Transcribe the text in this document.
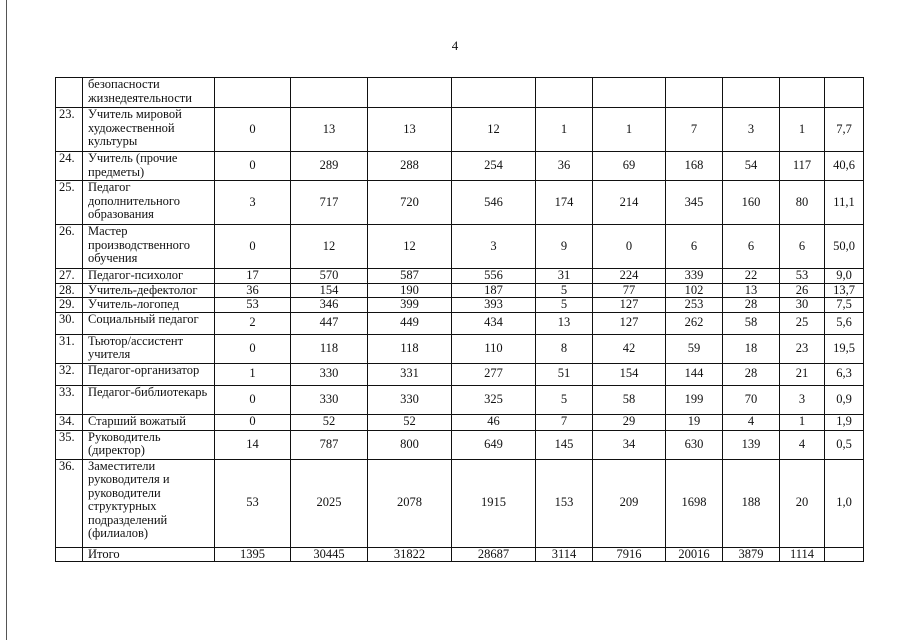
4
	безопасности жизнедеятельности										
23.	Учитель мировой художественной культуры	0	13	13	12	1	1	7	3	1	7,7
24.	Учитель (прочие предметы)	0	289	288	254	36	69	168	54	117	40,6
25.	Педагог дополнительного образования	3	717	720	546	174	214	345	160	80	11,1
26.	Мастер производственного обучения	0	12	12	3	9	0	6	6	6	50,0
27.	Педагог-психолог	17	570	587	556	31	224	339	22	53	9,0
28.	Учитель-дефектолог	36	154	190	187	5	77	102	13	26	13,7
29.	Учитель-логопед	53	346	399	393	5	127	253	28	30	7,5
30.	Социальный педагог	2	447	449	434	13	127	262	58	25	5,6
31.	Тьютор/ассистент учителя	0	118	118	110	8	42	59	18	23	19,5
32.	Педагог-организатор	1	330	331	277	51	154	144	28	21	6,3
33.	Педагог-библиотекарь	0	330	330	325	5	58	199	70	3	0,9
34.	Старший вожатый	0	52	52	46	7	29	19	4	1	1,9
35.	Руководитель (директор)	14	787	800	649	145	34	630	139	4	0,5
36.	Заместители руководителя и руководители структурных подразделений (филиалов)	53	2025	2078	1915	153	209	1698	188	20	1,0
	Итого	1395	30445	31822	28687	3114	7916	20016	3879	1114	
